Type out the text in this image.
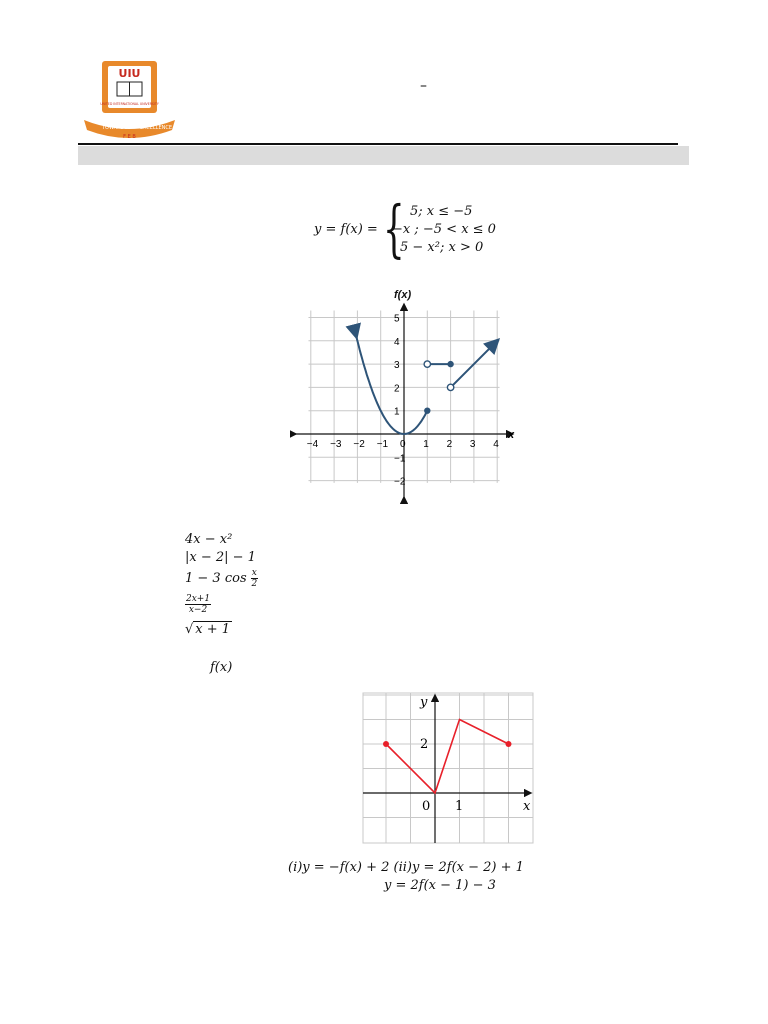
UIU
UNITED INTERNATIONAL UNIVERSITY
TOWARDS EXCELLENCE
F E B
–
y = f(x) = { 5; x ≤ −5
−x ; −5 < x ≤ 0
5 − x²; x > 0
f(x)
−4 −3 −2 −1 0 1 2 3 4
−2
−1
1
2
3
4
5
x
4x − x²
|x − 2| − 1
1 − 3 $\cos \frac{x}{2}$
$\frac{2x+1}{x-2}$
√ x + 1
f(x)
y
x
2
0 1
(i)y = −f(x) + 2 (ii)y = 2f(x − 2) + 1
y = 2f(x − 1) − 3
